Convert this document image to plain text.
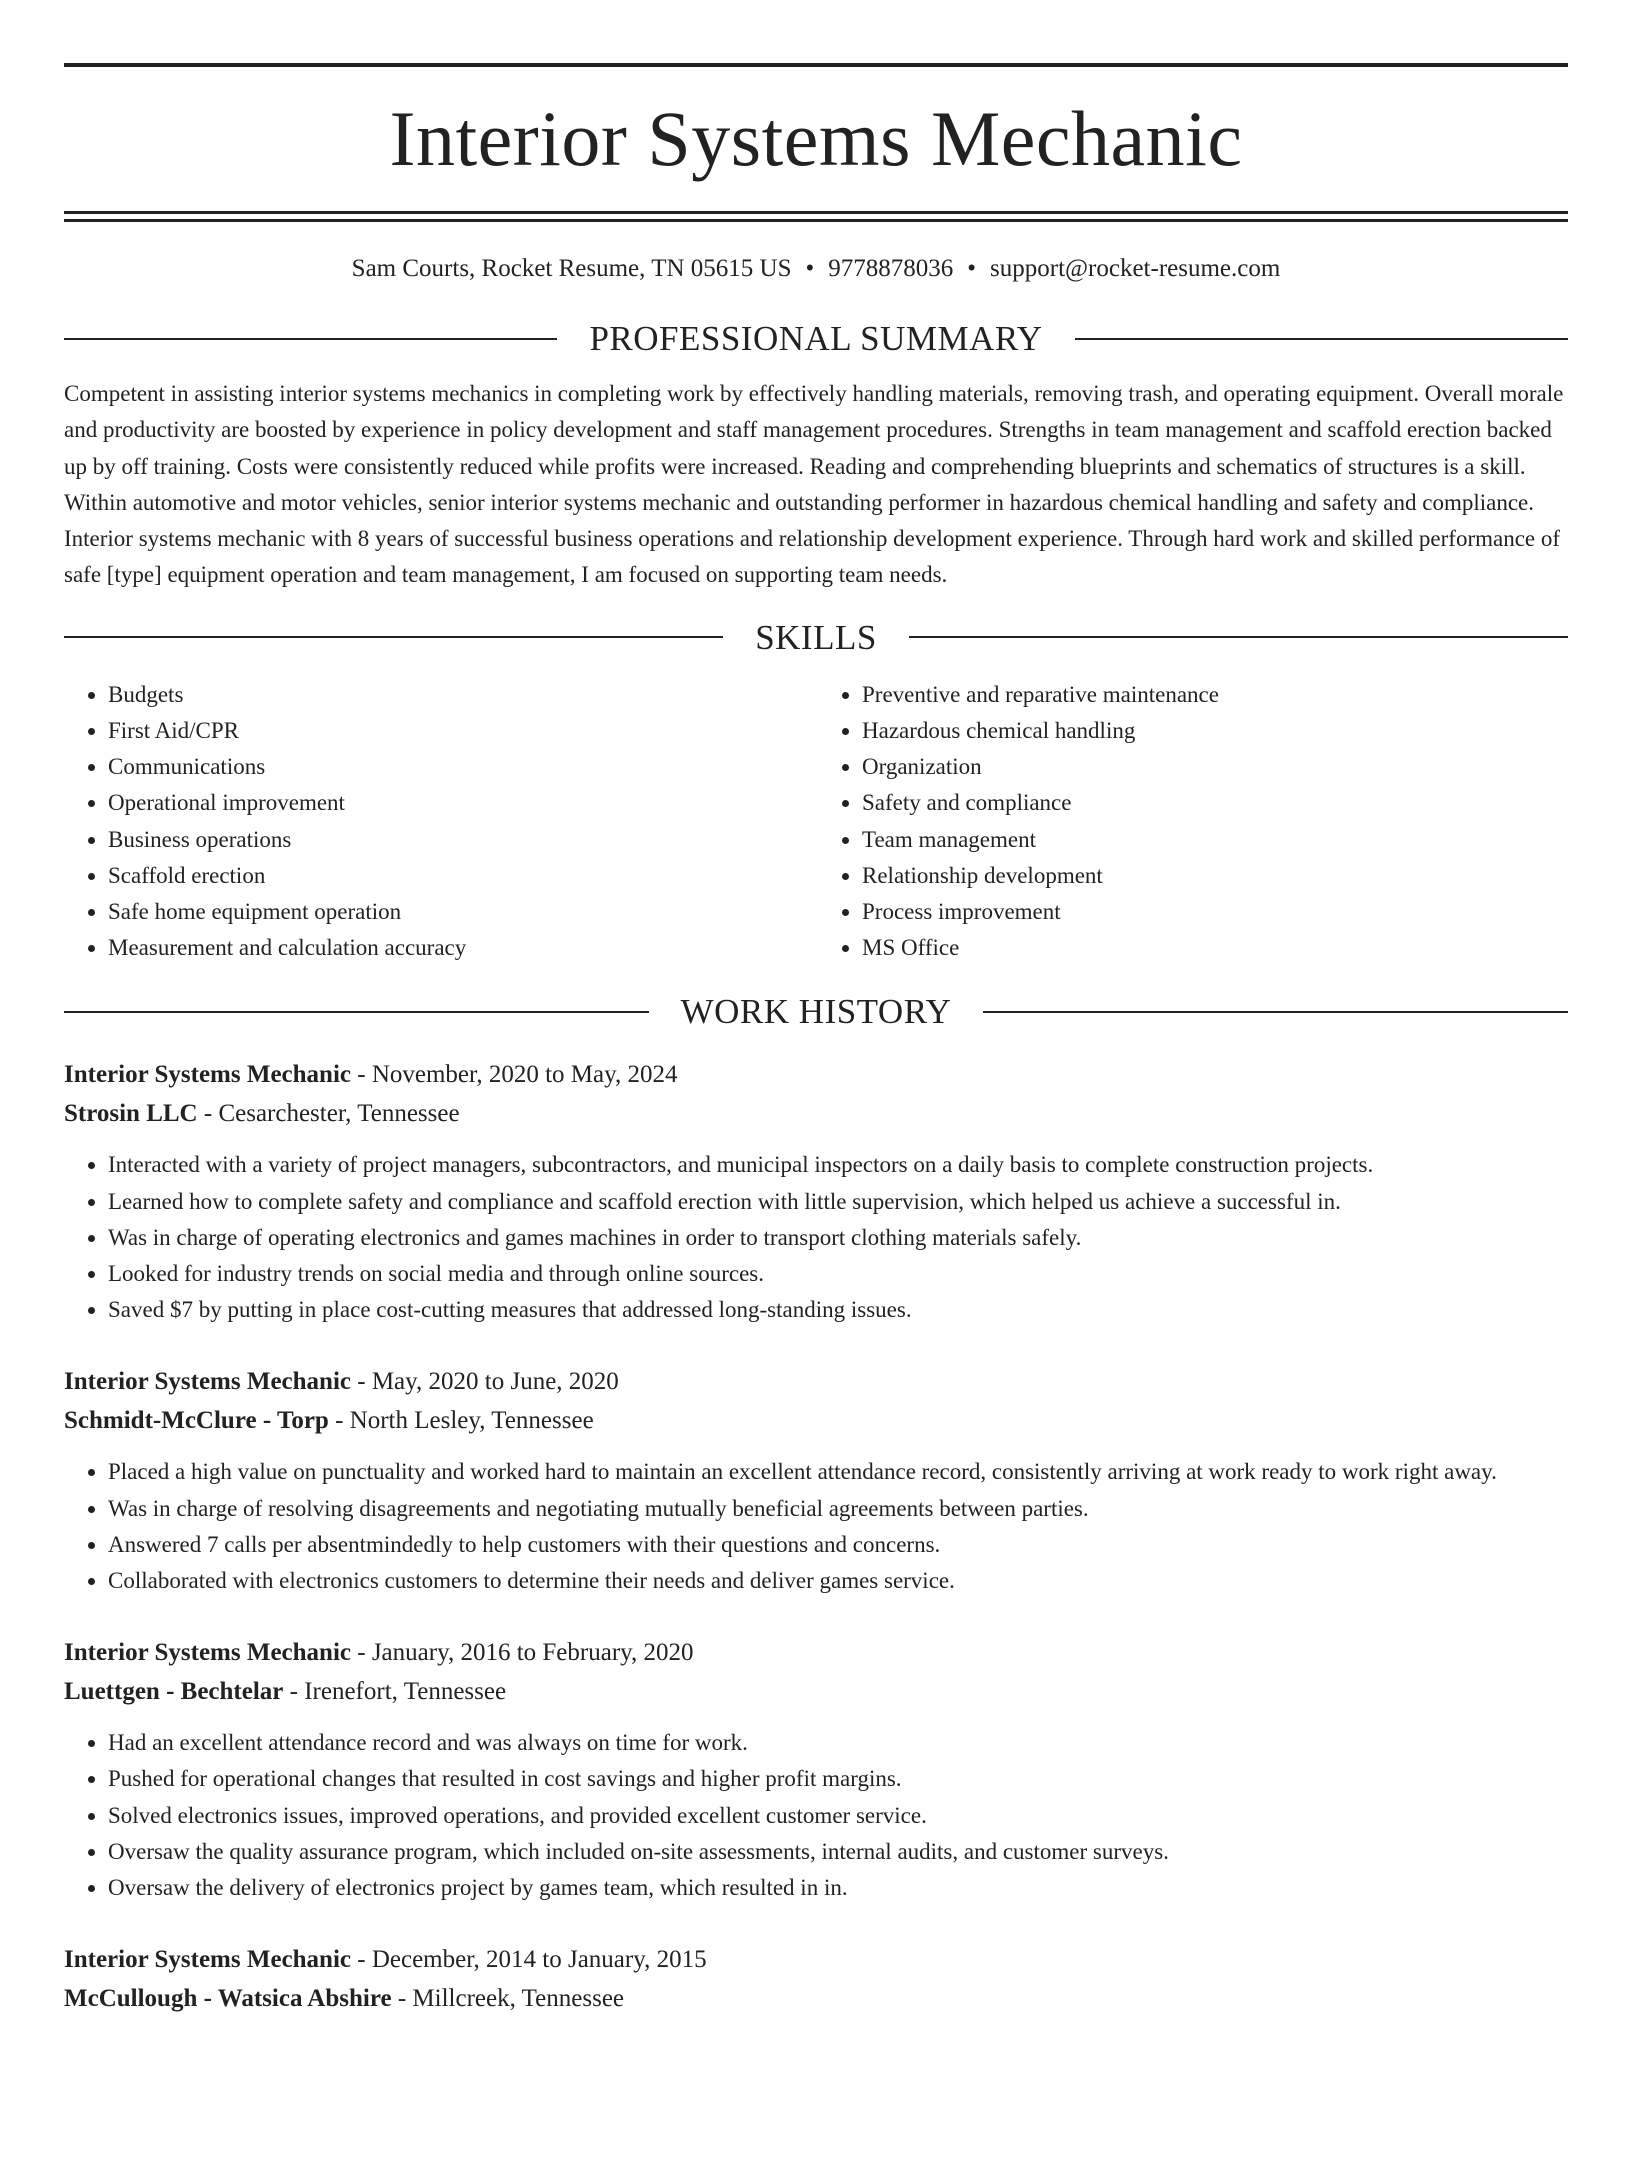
Interior Systems Mechanic
Sam Courts, Rocket Resume, TN 05615 US • 9778878036 • support@rocket-resume.com
PROFESSIONAL SUMMARY
Competent in assisting interior systems mechanics in completing work by effectively handling materials, removing trash, and operating equipment. Overall morale and productivity are boosted by experience in policy development and staff management procedures. Strengths in team management and scaffold erection backed up by off training. Costs were consistently reduced while profits were increased. Reading and comprehending blueprints and schematics of structures is a skill. Within automotive and motor vehicles, senior interior systems mechanic and outstanding performer in hazardous chemical handling and safety and compliance. Interior systems mechanic with 8 years of successful business operations and relationship development experience. Through hard work and skilled performance of safe [type] equipment operation and team management, I am focused on supporting team needs.
SKILLS
• Budgets
• First Aid/CPR
• Communications
• Operational improvement
• Business operations
• Scaffold erection
• Safe home equipment operation
• Measurement and calculation accuracy
• Preventive and reparative maintenance
• Hazardous chemical handling
• Organization
• Safety and compliance
• Team management
• Relationship development
• Process improvement
• MS Office
WORK HISTORY
Interior Systems Mechanic - November, 2020 to May, 2024
Strosin LLC - Cesarchester, Tennessee
• Interacted with a variety of project managers, subcontractors, and municipal inspectors on a daily basis to complete construction projects.
• Learned how to complete safety and compliance and scaffold erection with little supervision, which helped us achieve a successful in.
• Was in charge of operating electronics and games machines in order to transport clothing materials safely.
• Looked for industry trends on social media and through online sources.
• Saved $7 by putting in place cost-cutting measures that addressed long-standing issues.
Interior Systems Mechanic - May, 2020 to June, 2020
Schmidt-McClure - Torp - North Lesley, Tennessee
• Placed a high value on punctuality and worked hard to maintain an excellent attendance record, consistently arriving at work ready to work right away.
• Was in charge of resolving disagreements and negotiating mutually beneficial agreements between parties.
• Answered 7 calls per absentmindedly to help customers with their questions and concerns.
• Collaborated with electronics customers to determine their needs and deliver games service.
Interior Systems Mechanic - January, 2016 to February, 2020
Luettgen - Bechtelar - Irenefort, Tennessee
• Had an excellent attendance record and was always on time for work.
• Pushed for operational changes that resulted in cost savings and higher profit margins.
• Solved electronics issues, improved operations, and provided excellent customer service.
• Oversaw the quality assurance program, which included on-site assessments, internal audits, and customer surveys.
• Oversaw the delivery of electronics project by games team, which resulted in in.
Interior Systems Mechanic - December, 2014 to January, 2015
McCullough - Watsica Abshire - Millcreek, Tennessee
